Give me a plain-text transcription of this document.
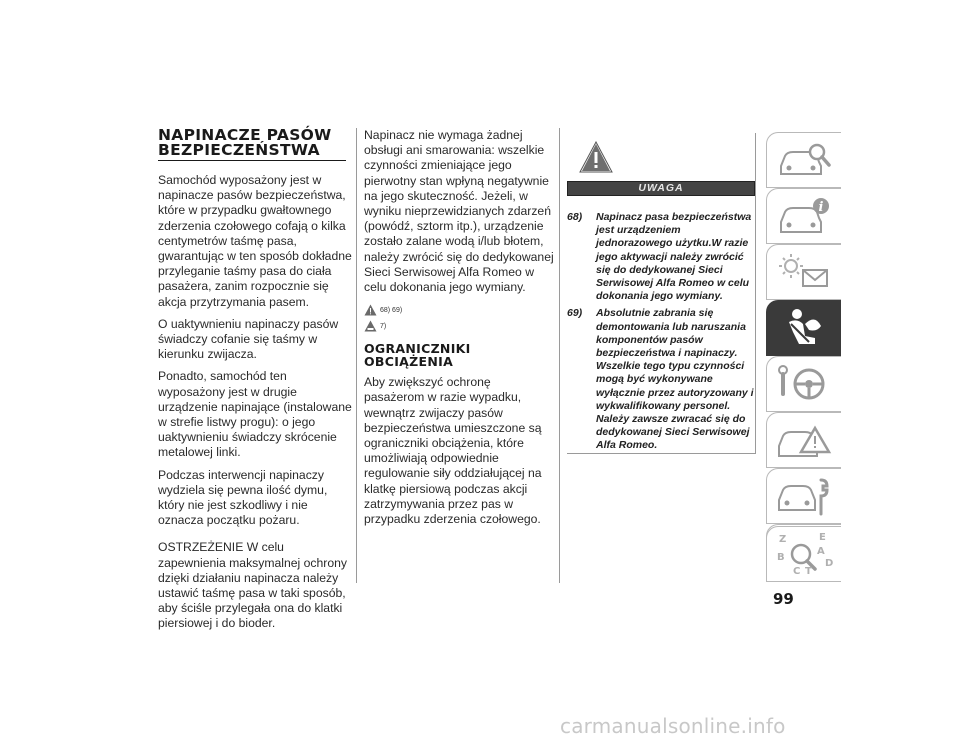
NAPINACZE PASÓW
BEZPIECZEŃSTWA

Samochód wyposażony jest w napinacze pasów bezpieczeństwa, które w przypadku gwałtownego zderzenia czołowego cofają o kilka centymetrów taśmę pasa, gwarantując w ten sposób dokładne przyleganie taśmy pasa do ciała pasażera, zanim rozpocznie się akcja przytrzymania pasem.

O uaktywnieniu napinaczy pasów świadczy cofanie się taśmy w kierunku zwijacza.

Ponadto, samochód ten wyposażony jest w drugie urządzenie napinające (instalowane w strefie listwy progu): o jego uaktywnieniu świadczy skrócenie metalowej linki.

Podczas interwencji napinaczy wydziela się pewna ilość dymu, który nie jest szkodliwy i nie oznacza początku pożaru.

OSTRZEŻENIE W celu zapewnienia maksymalnej ochrony dzięki działaniu napinacza należy ustawić taśmę pasa w taki sposób, aby ściśle przylegała ona do klatki piersiowej i do bioder.

Napinacz nie wymaga żadnej obsługi ani smarowania: wszelkie czynności zmieniające jego pierwotny stan wpłyną negatywnie na jego skuteczność. Jeżeli, w wyniku nieprzewidzianych zdarzeń (powódź, sztorm itp.), urządzenie zostało zalane wodą i/lub błotem, należy zwrócić się do dedykowanej Sieci Serwisowej Alfa Romeo w celu dokonania jego wymiany.

68) 69)
7)
OGRANICZNIKI
OBCIĄŻENIA

Aby zwiększyć ochronę pasażerom w razie wypadku, wewnątrz zwijaczy pasów bezpieczeństwa umieszczone są ograniczniki obciążenia, które umożliwiają odpowiednie regulowanie siły oddziałującej na klatkę piersiową podczas akcji zatrzymywania przez pas w przypadku zderzenia czołowego.

UWAGA
68)	Napinacz pasa bezpieczeństwa jest urządzeniem jednorazowego użytku.W razie jego aktywacji należy zwrócić się do dedykowanej Sieci Serwisowej Alfa Romeo w celu dokonania jego wymiany.
69)	Absolutnie zabrania się demontowania lub naruszania komponentów pasów bezpieczeństwa i napinaczy. Wszelkie tego typu czynności mogą być wykonywane wyłącznie przez autoryzowany i wykwalifikowany personel. Należy zawsze zwracać się do dedykowanej Sieci Serwisowej Alfa Romeo.
i
Z	E
B
A
D
C T
99
carmanualsonline.info
